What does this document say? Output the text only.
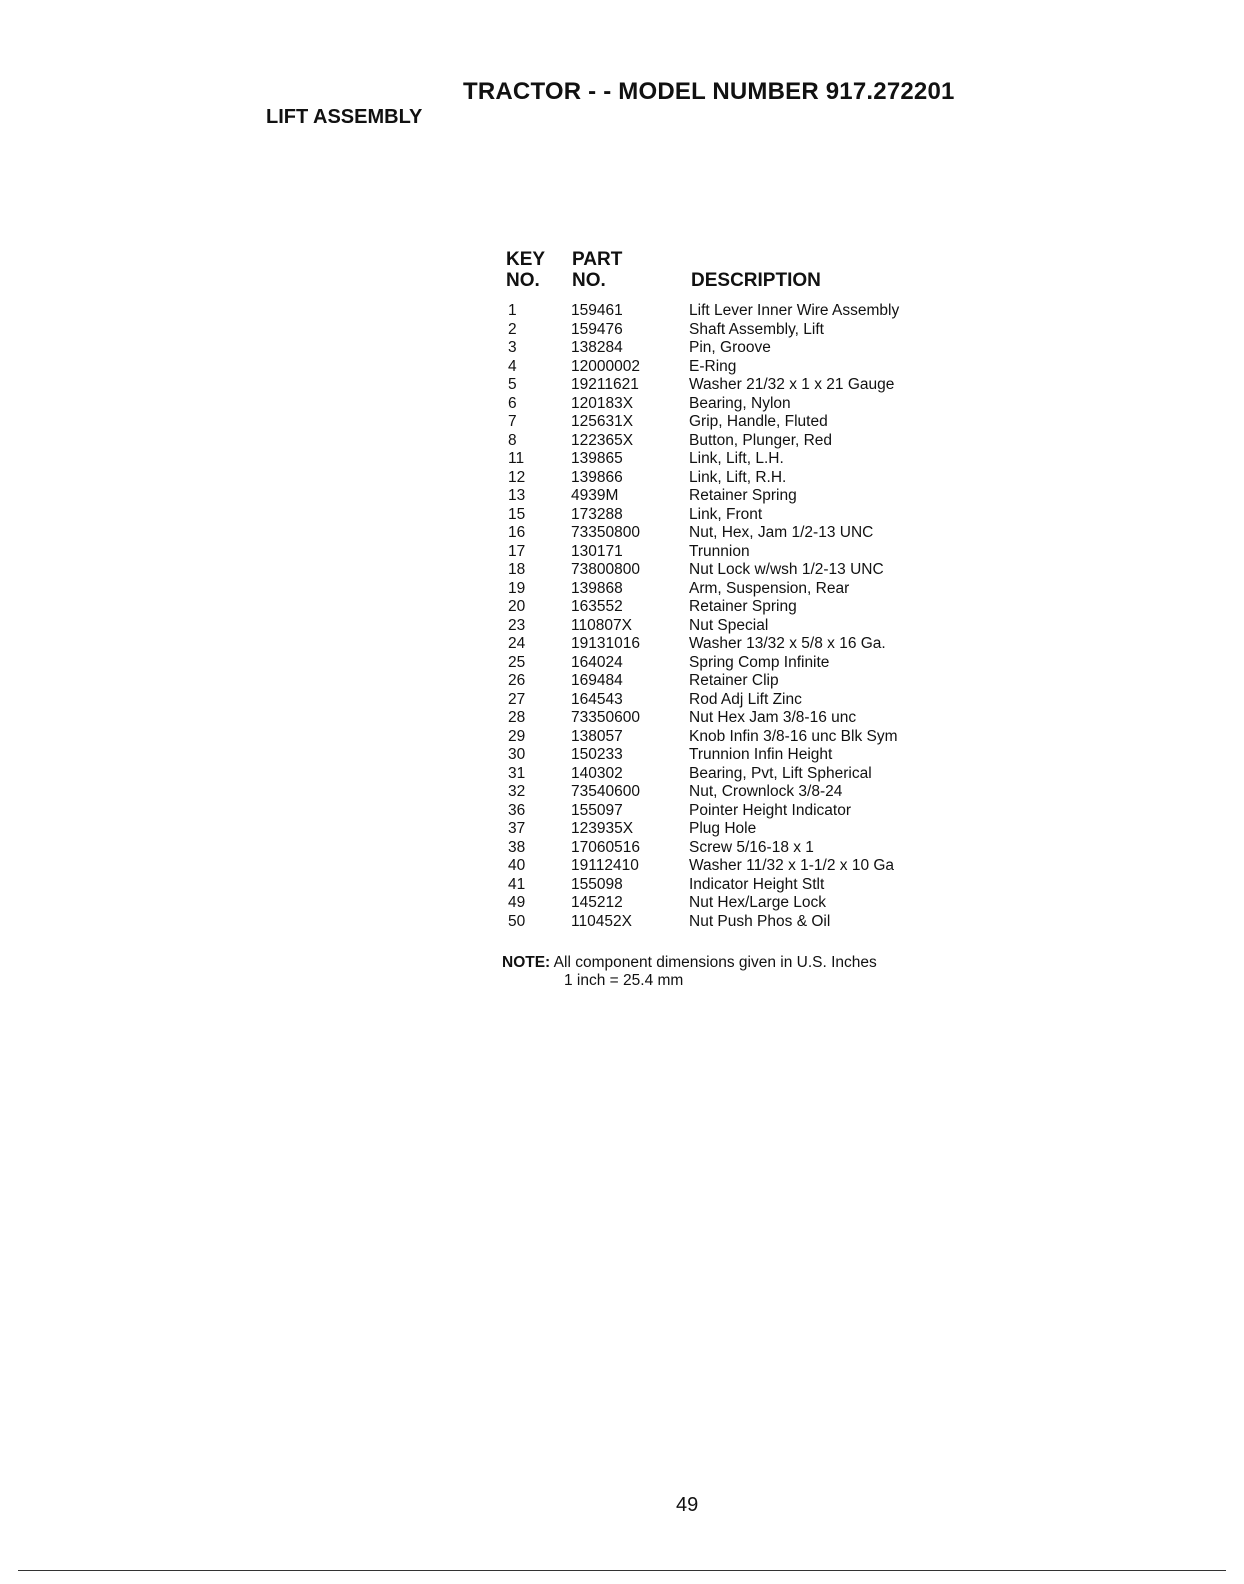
TRACTOR - - MODEL NUMBER 917.272201
LIFT ASSEMBLY
KEY
NO.
PART
NO.	DESCRIPTION
1	159461	Lift Lever Inner Wire Assembly
2	159476	Shaft Assembly, Lift
3	138284	Pin, Groove
4	12000002	E-Ring
5	19211621	Washer 21/32 x 1 x 21 Gauge
6	120183X	Bearing, Nylon
7	125631X	Grip, Handle, Fluted
8	122365X	Button, Plunger, Red
11	139865	Link, Lift, L.H.
12	139866	Link, Lift, R.H.
13	4939M	Retainer Spring
15	173288	Link, Front
16	73350800	Nut, Hex, Jam 1/2-13 UNC
17	130171	Trunnion
18	73800800	Nut Lock w/wsh 1/2-13 UNC
19	139868	Arm, Suspension, Rear
20	163552	Retainer Spring
23	110807X	Nut Special
24	19131016	Washer 13/32 x 5/8 x 16 Ga.
25	164024	Spring Comp Infinite
26	169484	Retainer Clip
27	164543	Rod Adj Lift Zinc
28	73350600	Nut Hex Jam 3/8-16 unc
29	138057	Knob Infin 3/8-16 unc Blk Sym
30	150233	Trunnion Infin Height
31	140302	Bearing, Pvt, Lift Spherical
32	73540600	Nut, Crownlock 3/8-24
36	155097	Pointer Height Indicator
37	123935X	Plug Hole
38	17060516	Screw 5/16-18 x 1
40	19112410	Washer 11/32 x 1-1/2 x 10 Ga
41	155098	Indicator Height Stlt
49	145212	Nut Hex/Large Lock
50	110452X	Nut Push Phos & Oil
NOTE: All component dimensions given in U.S. Inches
1 inch = 25.4 mm
49
